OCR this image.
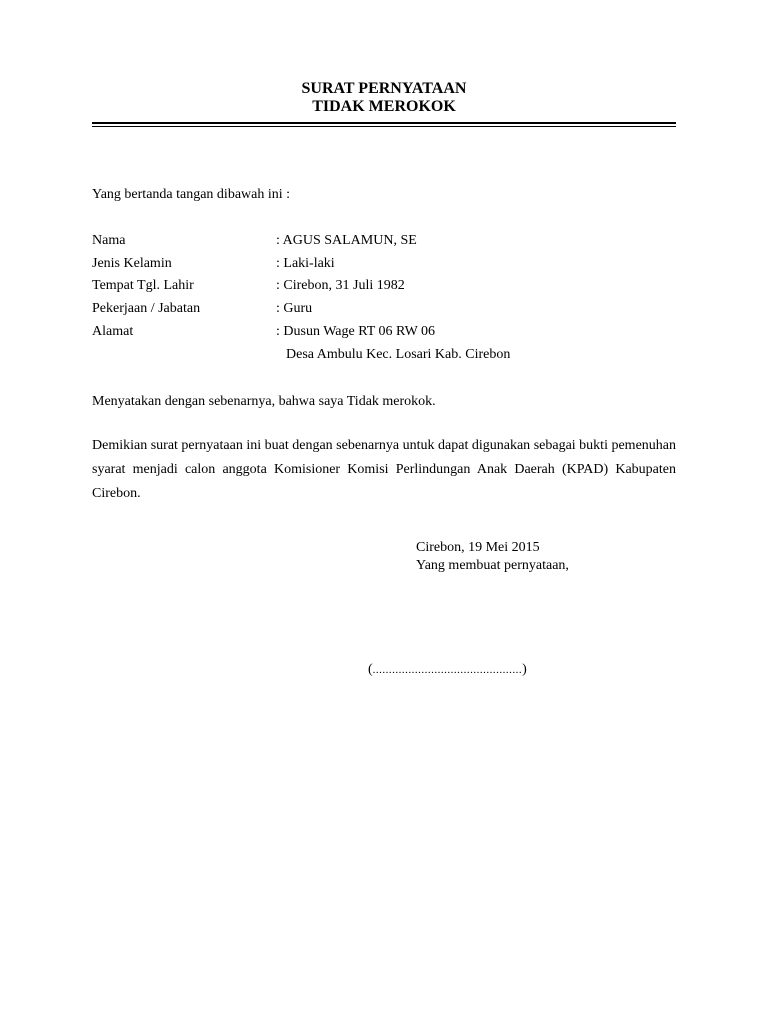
SURAT PERNYATAAN
TIDAK MEROKOK
Yang bertanda tangan dibawah ini :
Nama	: AGUS SALAMUN, SE
Jenis Kelamin	: Laki-laki
Tempat Tgl. Lahir	: Cirebon, 31 Juli 1982
Pekerjaan / Jabatan	: Guru
Alamat	: Dusun Wage RT 06 RW 06
Desa Ambulu Kec. Losari Kab. Cirebon
Menyatakan dengan sebenarnya, bahwa saya Tidak merokok.
Demikian surat pernyataan ini buat dengan sebenarnya untuk dapat digunakan sebagai bukti pemenuhan syarat menjadi calon anggota Komisioner Komisi Perlindungan Anak Daerah (KPAD) Kabupaten Cirebon.
Cirebon, 19 Mei 2015
Yang membuat pernyataan,
(..............................................)
